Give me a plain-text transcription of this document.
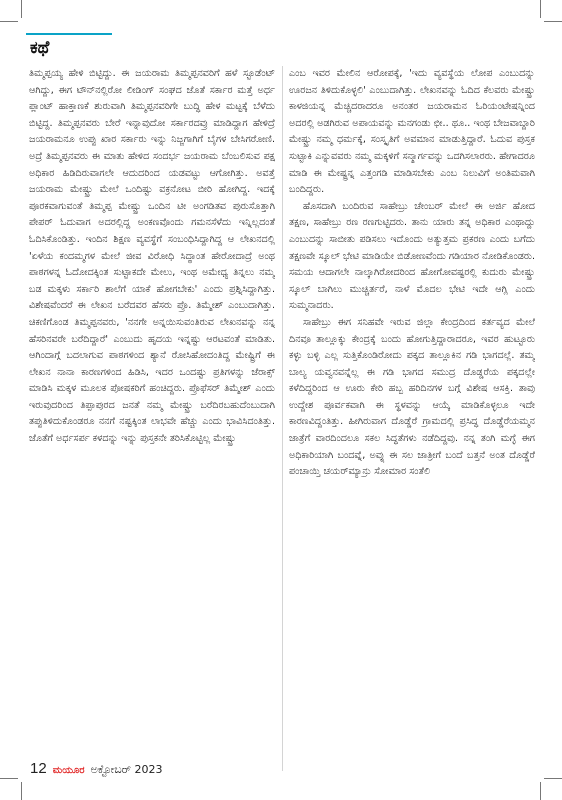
ಕಥೆ

ತಿಮ್ಮಪ್ಪಯ್ಯ ಹೇಳಿ ಬಿಟ್ಟಿದ್ದು. ಈ ಜಯರಾಮ ತಿಮ್ಮಪ್ಪನವರಿಗೆ ಹಳೆ ಸ್ಟೂಡೆಂಟ್ ಆಗಿದ್ದು, ಈಗ ಟೌನ್‌ನಲ್ಲಿರೋ ಲೀಡಿಂಗ್ ಸಂಘದ ಜೊತೆ ಸರ್ಕಾರ ಮತ್ತೆ ಅರ್ಧ ಪ್ಲಾಂಟ್ ಹಾಕ್ತಾಣಕೆ ಶುರುವಾಗಿ ತಿಮ್ಮಪ್ಪನವರಿಗೇ ಬುದ್ಧಿ ಹೇಳ ಮಟ್ಟಕ್ಕೆ ಬೆಳೆದು ಬಿಟ್ಟಿದ್ದ. ತಿಮ್ಮಪ್ಪನವರು ಬೇರೆ ಇನ್ನಾವುದೋ ಸರ್ಕಾರದವ್ರು ಮಾಡಿದ್ದಾಗ ಹೇಳಿದ್ರೆ ಜಯರಾಮನೂ ಉಪ್ಪು ಖಾರ ಸರ್ಕಾರು ಇನ್ನು ನಿಜ್ಜಗಾಗಿಗೆ ಬೈಗಳ ಬೇಸಿಗರೋಣಿ. ಅದ್ರೆ ತಿಮ್ಮಪ್ಪನವರು ಈ ಮಾತು ಹೇಳಿದ ಸಂದರ್ಭ ಜಯರಾಮ ಬೆಂಬಲಿಸುವ ಪಕ್ಷ ಅಧಿಕಾರ ಹಿಡಿದಿರುವಾಗಲೇ ಆದುದರಿಂದ ಯಡವಟ್ಟು ಆಗೋಗಿತ್ತು. ಅವತ್ತೆ ಜಯರಾಮ ಮೇಷ್ಟ್ರು ಮೇಲೆ ಒಂದಿಷ್ಟು ವಕ್ರನೋಟ ಬೀರಿ ಹೋಗಿದ್ದ. ಇದಕ್ಕೆ ಪೂರಕವಾಗುವಂತೆ ತಿಮ್ಮಪ್ಪ ಮೇಷ್ಟ್ರು ಒಂದಿನ ಟೀ ಅಂಗಡಿತವ ಪುರುಸೊತ್ತಾಗಿ ಪೇಪರ್ ಓದುವಾಗ ಅದರಲ್ಲಿದ್ದ ಅಂಕಣವೊಂದು ಗಮನಸೆಳೆದು ಇನ್ನಿಲ್ಲದಂತೆ ಓದಿಸಿಕೊಂಡಿತ್ತು. ಇಂದಿನ ಶಿಕ್ಷಣ ವ್ಯವಸ್ಥೆಗೆ ಸಂಬಂಧಿಸಿದ್ದಾಗಿದ್ದ ಆ ಲೇಖನದಲ್ಲಿ 'ಏಳೆಯ ಕಂದಮ್ಮಗಳ ಮೇಲೆ ಜೀವ ವಿರೋಧಿ ಸಿದ್ಧಾಂತ ಹೇರೋದಾದ್ರೆ ಅಂಥ ಪಾಠಗಳನ್ನ ಓದೋದಕ್ಕಿಂತ ಸುಟ್ಟಾಕದೇ ಮೇಲು, ಇಂಥ ಅಮೇಧ್ಯ ತಿನ್ನಲು ನಮ್ಮ ಬಡ ಮಕ್ಕಳು ಸರ್ಕಾರಿ ಶಾಲೆಗೆ ಯಾಕೆ ಹೋಗಬೇಕು' ಎಂದು ಪ್ರಶ್ನಿಸಿದ್ದಾಗಿತ್ತು. ವಿಶೇಷವೆಂದರೆ ಈ ಲೇಖನ ಬರೆದವರ ಹೆಸರು ಪ್ರೊ. ತಿಮ್ಮೇಶ್ ಎಂಬುದಾಗಿತ್ತು. ಚಿಕಣಿಗೊಂಡ ತಿಮ್ಮಪ್ಪನವರು, 'ನನಗೇ ಅನ್ನಯಿಸುವಂತಿರುವ ಲೇಖನವನ್ನು ನನ್ನ ಹೆಸರಿನವರೇ ಬರೆದಿದ್ದಾರೆ' ಎಂಬುದು ಹೃದಯ ಇನ್ನಷ್ಟು ಆರಟವಂತೆ ಮಾಡಿತು. ಆಗಿಂದಾಗ್ಗೆ ಬದಲಾಗುವ ಪಾಠಗಳಿಂದ ಶ್ಯಾನೆ ರೋಸಿಹೋದಂತಿದ್ದ ಮೇಷ್ಟ್ರಿಗೆ ಈ ಲೇಖನ ನಾನಾ ಕಾರಣಗಳಿಂದ ಹಿಡಿಸಿ, ಇದರ ಒಂದಷ್ಟು ಪ್ರತಿಗಳನ್ನು ಜೆರಾಕ್ಸ್ ಮಾಡಿಸಿ ಮಕ್ಕಳ ಮೂಲಕ ಪೋಷಕರಿಗೆ ಹಂಚಿದ್ದರು. ಪ್ರೊಫೆಸರ್ ತಿಮ್ಮೇಶ್ ಎಂದು ಇರುವುದರಿಂದ ತಿಪ್ಪಾಪುರದ ಜನತೆ ನಮ್ಮ ಮೇಷ್ಟ್ರು ಬರೆದಿರಬಹುದೆಂಬುದಾಗಿ ತಪ್ಪುತಿಳಿದುಕೊಂಡರೂ ನನಗೆ ನಷ್ಟಕ್ಕಿಂತ ಲಾಭವೇ ಹೆಚ್ಚು ಎಂದು ಭಾವಿಸಿದಂತಿತ್ತು. ಜೊತೆಗೆ ಅರ್ಧಸರ್ಪ ಕಳದನ್ನು ಇನ್ನು ಪುಸ್ತಕನೇ ತರಿಸಿಕೊಟ್ಟಿಲ್ಲ ಮೇಷ್ಟ್ರು

ಎಂಬ ಇವರ ಮೇಲಿನ ಆರೋಪಕ್ಕೆ, 'ಇದು ವ್ಯವಸ್ಥೆಯ ಲೋಪ ಎಂಬುದನ್ನು ಊರಜನ ತಿಳಿದುಕೊಳ್ಳಲಿ' ಎಂಬುದಾಗಿತ್ತು. ಲೇಖನವನ್ನು ಓದಿದ ಕೆಲವರು ಮೇಷ್ಟ್ರು ಕಾಳಜಿಯನ್ನ ಮೆಚ್ಚಿದರಾದರೂ ಅನಂತರ ಜಯರಾಮನ ಓರಿಯಂಟೇಷನ್ನಿಂದ ಅದರಲ್ಲಿ ಅಡಗಿರುವ ಅಪಾಯವನ್ನು ಮನಗಂಡು ಛೀ.. ಥೂ.. ಇಂಥ ಬೇಜವಾಬ್ದಾರಿ ಮೇಷ್ಟ್ರು ನಮ್ಮ ಧರ್ಮಕ್ಕೆ, ಸಂಸ್ಕೃತಿಗೆ ಅವಮಾನ ಮಾಡುತ್ತಿದ್ದಾರೆ. ಓದುವ ಪುಸ್ತಕ ಸುಟ್ಟಾಕಿ ಎನ್ನುವವರು ನಮ್ಮ ಮಕ್ಕಳಿಗೆ ಸನ್ಮಾರ್ಗವನ್ನು ಒದಗಿಸಲಾರರು. ಹೇಗಾದರೂ ಮಾಡಿ ಈ ಮೇಷ್ಟ್ರನ್ನ ಎತ್ತಂಗಡಿ ಮಾಡಿಸಬೇಕು ಎಂಬ ನಿಲುವಿಗೆ ಅಂತಿಮವಾಗಿ ಬಂದಿದ್ದರು.

ಹೊಸದಾಗಿ ಬಂದಿರುವ ಸಾಹೇಬ್ರು ಚೇಂಬರ್ ಮೇಲೆ ಈ ಅರ್ಜಿ ಹೋದ ತಕ್ಷಣ, ಸಾಹೇಬ್ರು ರಣ ರಣಗುಟ್ಟಿದರು. ತಾನು ಯಾರು ತನ್ನ ಅಧಿಕಾರ ಎಂಥಾದ್ದು ಎಂಬುದನ್ನು ಸಾಬೀತು ಪಡಿಸಲು ಇದೊಂದು ಅತ್ಯುತ್ತಮ ಪ್ರಕರಣ ಎಂದು ಬಗೆದು ತಕ್ಷಣವೇ ಸ್ಕೂಲ್ ಭೇಟಿ ಮಾಡಿಯೇ ಬಿಡೋಣವೆಂದು ಗಡಿಯಾರ ನೋಡಿಕೊಂಡರು. ಸಮಯ ಆದಾಗಲೇ ನಾಲ್ಕಾಗಿರೋದರಿಂದ ಹೋಗೋವಷ್ಟರಲ್ಲಿ ಕುದುರು ಮೇಷ್ಟ್ರು ಸ್ಕೂಲ್ ಬಾಗಿಲು ಮುಚ್ಚಿರ್ತರೆ, ನಾಳೆ ಮೊದಲ ಭೇಟಿ ಇದೇ ಆಗ್ಲಿ ಎಂದು ಸುಮ್ಮನಾದರು.

ಸಾಹೇಬ್ರು ಈಗ ಸನಿಹವೇ ಇರುವ ಜಿಲ್ಲಾ ಕೇಂದ್ರದಿಂದ ಕರ್ತವ್ಯದ ಮೇಲೆ ದಿನವೂ ತಾಲ್ಲೂಕ್ಕು ಕೇಂದ್ರಕ್ಕೆ ಬಂದು ಹೋಗುತ್ತಿದ್ದಾರಾದರೂ, ಇವರ ಹುಟ್ಟೂರು ಕಳ್ಳು ಬಳ್ಳಿ ಎಲ್ಲ ಸುತ್ತಿಕೊಂಡಿರೋದು ಪಕ್ಕದ ತಾಲ್ಲೂಕಿನ ಗಡಿ ಭಾಗದಲ್ಲೆ. ತಮ್ಮ ಬಾಲ್ಯ ಯವ್ವನವನ್ನೆಲ್ಲ ಈ ಗಡಿ ಭಾಗದ ಸಮುದ್ರ ದೊಡ್ಡರೆಯ ಪಕ್ಕದಲ್ಲೇ ಕಳೆದಿದ್ದರಿಂದ ಆ ಊರು ಕೇರಿ ಹಬ್ಬ ಹರಿದಿನಗಳ ಬಗ್ಗೆ ವಿಶೇಷ ಆಸಕ್ತಿ. ತಾವು ಉದ್ದೇಶ ಪೂರ್ವಕವಾಗಿ ಈ ಸ್ಥಳವನ್ನು ಆಯ್ಕೆ ಮಾಡಿಕೊಳ್ಳಲೂ ಇದೇ ಕಾರಣವಿದ್ದಂತಿತ್ತು. ಹೀಗಿರುವಾಗ ದೊಡ್ಡೆರೆ ಗ್ರಾಮದಲ್ಲಿ ಪ್ರಸಿದ್ಧ ದೊಡ್ಡೆರೆಯಮ್ಮನ ಜಾತ್ರೆಗೆ ವಾರದಿಂದಲೂ ಸಕಲ ಸಿದ್ಧತೆಗಳು ನಡೆದಿದ್ದವು. ನನ್ನ ತಂಗಿ ಮಗ್ಳೆ ಈಗ ಅಧಿಕಾರಿಯಾಗಿ ಬಂದವ್ನೆ, ಅವ್ನು ಈ ಸಲ ಜಾತ್ರೀಗೆ ಬಂದೆ ಬತ್ತನೆ ಅಂತ ದೊಡ್ಡೆರೆ ಪಂಚಾಯ್ತಿ ಚಯರ್‌ಮ್ಯಾನ್ರು ಸೋಮಾರ ಸಂತೆಲಿ

12 ಮಯೂರ ಅಕ್ಟೋಬರ್ 2023
